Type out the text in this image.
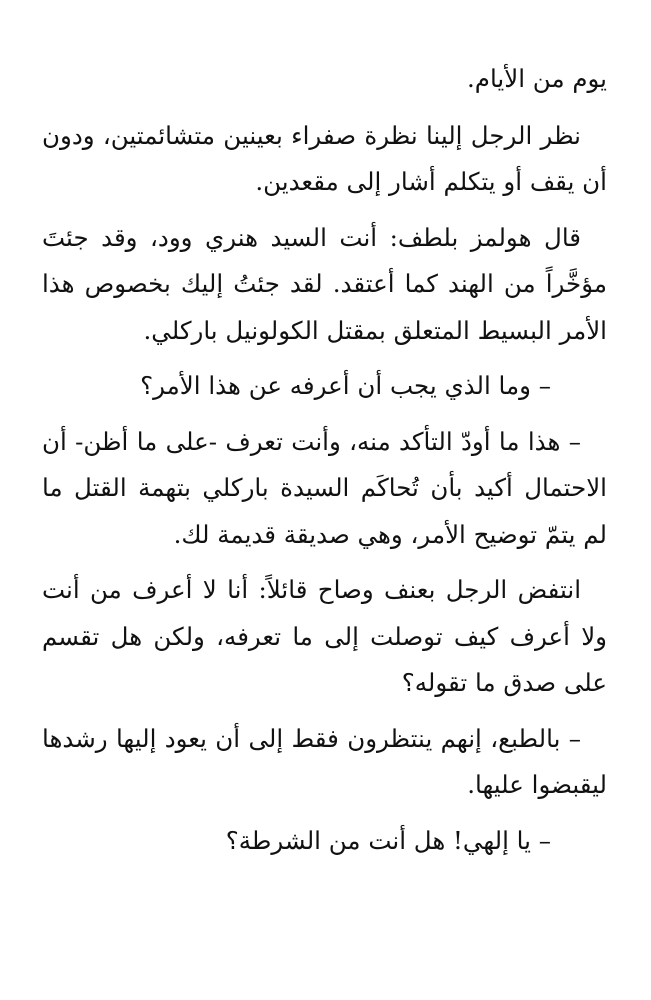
يوم من الأيام.

نظر الرجل إلينا نظرة صفراء بعينين متشائمتين، ودون أن يقف أو يتكلم أشار إلى مقعدين.

قال هولمز بلطف: أنت السيد هنري وود، وقد جئتَ مؤخَّراً من الهند كما أعتقد. لقد جئتُ إليك بخصوص هذا الأمر البسيط المتعلق بمقتل الكولونيل باركلي.

– وما الذي يجب أن أعرفه عن هذا الأمر؟

– هذا ما أودّ التأكد منه، وأنت تعرف -على ما أظن- أن الاحتمال أكيد بأن تُحاكَم السيدة باركلي بتهمة القتل ما لم يتمّ توضيح الأمر، وهي صديقة قديمة لك.

انتفض الرجل بعنف وصاح قائلاً: أنا لا أعرف من أنت ولا أعرف كيف توصلت إلى ما تعرفه، ولكن هل تقسم على صدق ما تقوله؟

– بالطبع، إنهم ينتظرون فقط إلى أن يعود إليها رشدها ليقبضوا عليها.

– يا إلهي! هل أنت من الشرطة؟
